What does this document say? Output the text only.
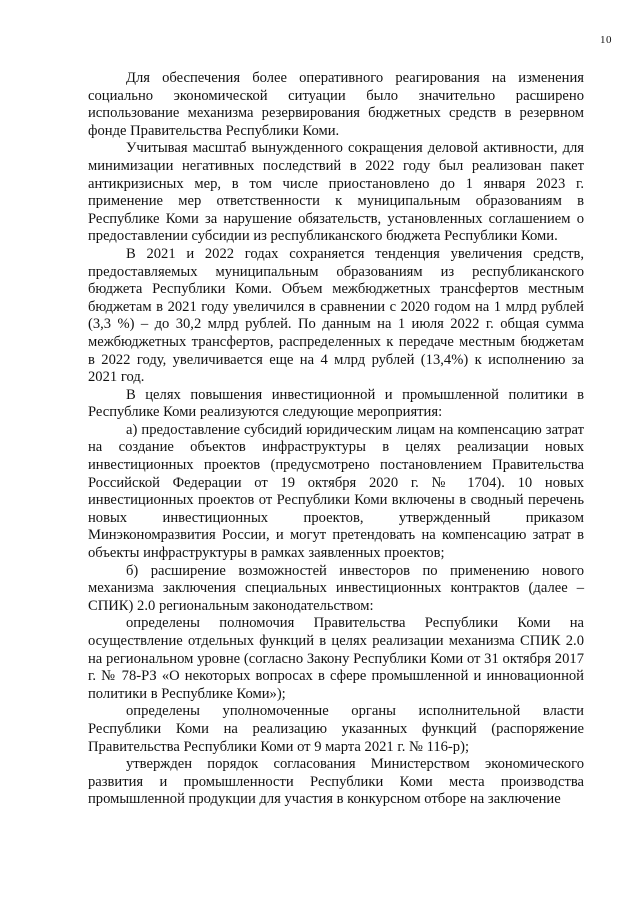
10

Для обеспечения более оперативного реагирования на изменения социально экономической ситуации было значительно расширено использование механизма резервирования бюджетных средств в резервном фонде Правительства Республики Коми.

Учитывая масштаб вынужденного сокращения деловой активности, для минимизации негативных последствий в 2022 году был реализован пакет антикризисных мер, в том числе приостановлено до 1 января 2023 г. применение мер ответственности к муниципальным образованиям в Республике Коми за нарушение обязательств, установленных соглашением о предоставлении субсидии из республиканского бюджета Республики Коми.

В 2021 и 2022 годах сохраняется тенденция увеличения средств, предоставляемых муниципальным образованиям из республиканского бюджета Республики Коми. Объем межбюджетных трансфертов местным бюджетам в 2021 году увеличился в сравнении с 2020 годом на 1 млрд рублей (3,3 %) – до 30,2 млрд рублей. По данным на 1 июля 2022 г. общая сумма межбюджетных трансфертов, распределенных к передаче местным бюджетам в 2022 году, увеличивается еще на 4 млрд рублей (13,4%) к исполнению за 2021 год.

В целях повышения инвестиционной и промышленной политики в Республике Коми реализуются следующие мероприятия:

а) предоставление субсидий юридическим лицам на компенсацию затрат на создание объектов инфраструктуры в целях реализации новых инвестиционных проектов (предусмотрено постановлением Правительства Российской Федерации от 19 октября 2020 г. № 1704). 10 новых инвестиционных проектов от Республики Коми включены в сводный перечень новых инвестиционных проектов, утвержденный приказом Минэкономразвития России, и могут претендовать на компенсацию затрат в объекты инфраструктуры в рамках заявленных проектов;

б) расширение возможностей инвесторов по применению нового механизма заключения специальных инвестиционных контрактов (далее – СПИК) 2.0 региональным законодательством:

определены полномочия Правительства Республики Коми на осуществление отдельных функций в целях реализации механизма СПИК 2.0 на региональном уровне (согласно Закону Республики Коми от 31 октября 2017 г. № 78-РЗ «О некоторых вопросах в сфере промышленной и инновационной политики в Республике Коми»);

определены уполномоченные органы исполнительной власти Республики Коми на реализацию указанных функций (распоряжение Правительства Республики Коми от 9 марта 2021 г. № 116-р);

утвержден порядок согласования Министерством экономического развития и промышленности Республики Коми места производства промышленной продукции для участия в конкурсном отборе на заключение
